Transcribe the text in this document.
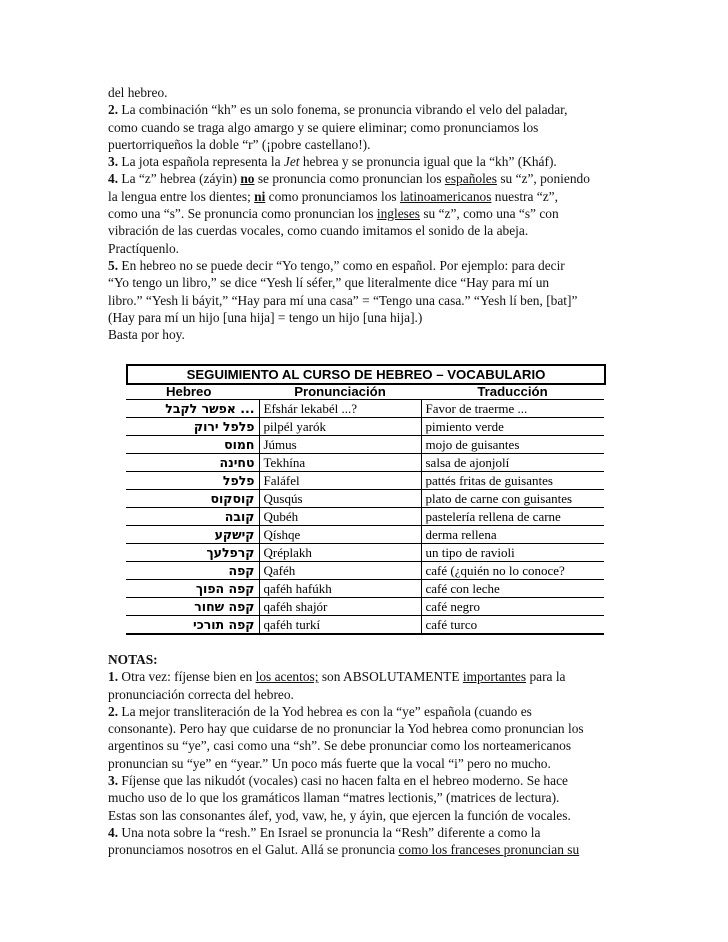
del hebreo.
2. La combinación “kh” es un solo fonema, se pronuncia vibrando el velo del paladar,
como cuando se traga algo amargo y se quiere eliminar; como pronunciamos los
puertorriqueños la doble “r” (¡pobre castellano!).
3. La jota española representa la Jet hebrea y se pronuncia igual que la “kh” (Kháf).
4. La “z” hebrea (záyin) no se pronuncia como pronuncian los españoles su “z”, poniendo
la lengua entre los dientes; ni como pronunciamos los latinoamericanos nuestra “z”,
como una “s”. Se pronuncia como pronuncian los ingleses su “z”, como una “s” con
vibración de las cuerdas vocales, como cuando imitamos el sonido de la abeja.
Practíquenlo.
5. En hebreo no se puede decir “Yo tengo,” como en español. Por ejemplo: para decir
“Yo tengo un libro,” se dice “Yesh lí séfer,” que literalmente dice “Hay para mí un
libro.” “Yesh li báyit,” “Hay para mí una casa” = “Tengo una casa.” “Yesh lí ben, [bat]”
(Hay para mí un hijo [una hija] = tengo un hijo [una hija].)
Basta por hoy.
SEGUIMIENTO AL CURSO DE HEBREO – VOCABULARIO
Hebreo	Pronunciación	Traducción
... אפשר לקבל	Efshár lekabél ...?	Favor de traerme ...
פלפל ירוק	pilpél yarók	pimiento verde
חמוס	Júmus	mojo de guisantes
טחינה	Tekhína	salsa de ajonjolí
פלפל	Faláfel	pattés fritas de guisantes
קוסקוס	Qusqús	plato de carne con guisantes
קובה	Qubéh	pastelería rellena de carne
קישקע	Qíshqe	derma rellena
קרפלעך	Qréplakh	un tipo de ravioli
קפה	Qaféh	café (¿quién no lo conoce?
קפה הפוך	qaféh hafúkh	café con leche
קפה שחור	qaféh shajór	café negro
קפה תורכי	qaféh turkí	café turco
NOTAS:
1. Otra vez: fíjense bien en los acentos; son ABSOLUTAMENTE importantes para la
pronunciación correcta del hebreo.
2. La mejor transliteración de la Yod hebrea es con la “ye” española (cuando es
consonante). Pero hay que cuidarse de no pronunciar la Yod hebrea como pronuncian los
argentinos su “ye”, casi como una “sh”. Se debe pronunciar como los norteamericanos
pronuncian su “ye” en “year.” Un poco más fuerte que la vocal “i” pero no mucho.
3. Fíjense que las nikudót (vocales) casi no hacen falta en el hebreo moderno. Se hace
mucho uso de lo que los gramáticos llaman “matres lectionis,” (matrices de lectura).
Estas son las consonantes álef, yod, vaw, he, y áyin, que ejercen la función de vocales.
4. Una nota sobre la “resh.” En Israel se pronuncia la “Resh” diferente a como la
pronunciamos nosotros en el Galut. Allá se pronuncia como los franceses pronuncian su
